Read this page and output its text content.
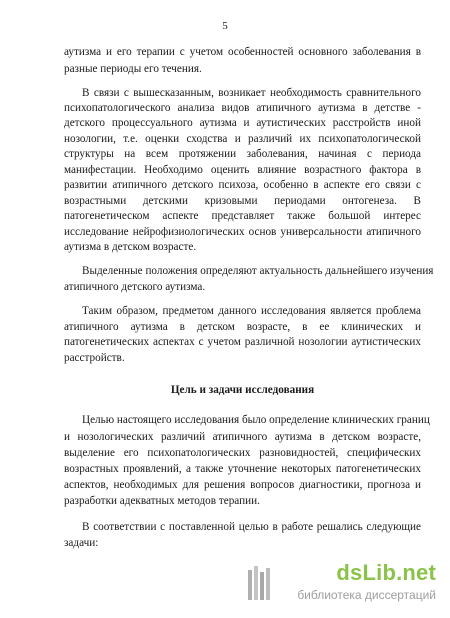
5
аутизма и его терапии с учетом особенностей основного заболевания в
разные периоды его течения.
В связи с вышесказанным, возникает необходимость сравнительного
психопатологического анализа видов атипичного аутизма в детстве -
детского процессуального аутизма и аутистических расстройств иной
нозологии, т.е. оценки сходства и различий их психопатологической
структуры на всем протяжении заболевания, начиная с периода
манифестации. Необходимо оценить влияние возрастного фактора в
развитии атипичного детского психоза, особенно в аспекте его связи с
возрастными детскими кризовыми периодами онтогенеза. В
патогенетическом аспекте представляет также большой интерес
исследование нейрофизиологических основ универсальности атипичного
аутизма в детском возрасте.
Выделенные положения определяют актуальность дальнейшего изучения
атипичного детского аутизма.
Таким образом, предметом данного исследования является проблема
атипичного аутизма в детском возрасте, в ее клинических и
патогенетических аспектах с учетом различной нозологии аутистических
расстройств.
Цель и задачи исследования
Целью настоящего исследования было определение клинических границ
и нозологических различий атипичного аутизма в детском возрасте,
выделение его психопатологических разновидностей, специфических
возрастных проявлений, а также уточнение некоторых патогенетических
аспектов, необходимых для решения вопросов диагностики, прогноза и
разработки адекватных методов терапии.
В соответствии с поставленной целью в работе решались следующие
задачи:
dsLib.net
библиотека диссертаций
